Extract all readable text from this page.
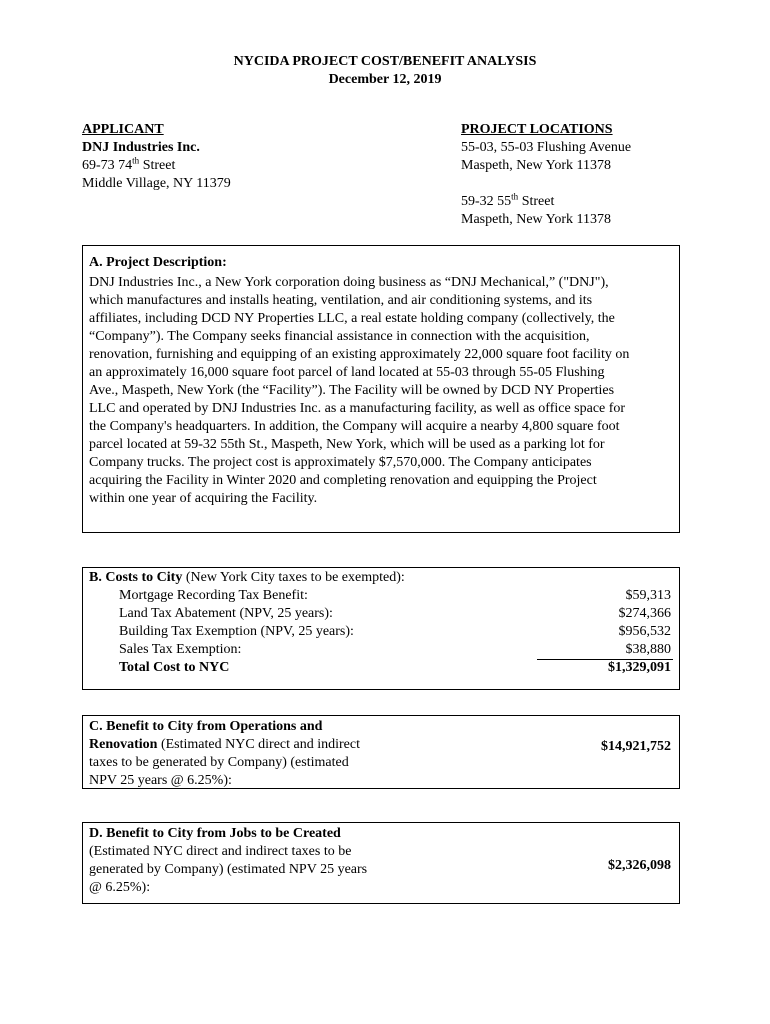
NYCIDA PROJECT COST/BENEFIT ANALYSIS
December 12, 2019
APPLICANT
DNJ Industries Inc.
69-73 74th Street
Middle Village, NY 11379
PROJECT LOCATIONS
55-03, 55-03 Flushing Avenue
Maspeth, New York 11378
59-32 55th Street
Maspeth, New York 11378
A. Project Description:
DNJ Industries Inc., a New York corporation doing business as “DNJ Mechanical,” ("DNJ"),
which manufactures and installs heating, ventilation, and air conditioning systems, and its
affiliates, including DCD NY Properties LLC, a real estate holding company (collectively, the
“Company”). The Company seeks financial assistance in connection with the acquisition,
renovation, furnishing and equipping of an existing approximately 22,000 square foot facility on
an approximately 16,000 square foot parcel of land located at 55-03 through 55-05 Flushing
Ave., Maspeth, New York (the “Facility”). The Facility will be owned by DCD NY Properties
LLC and operated by DNJ Industries Inc. as a manufacturing facility, as well as office space for
the Company's headquarters. In addition, the Company will acquire a nearby 4,800 square foot
parcel located at 59-32 55th St., Maspeth, New York, which will be used as a parking lot for
Company trucks. The project cost is approximately $7,570,000. The Company anticipates
acquiring the Facility in Winter 2020 and completing renovation and equipping the Project
within one year of acquiring the Facility.
B. Costs to City (New York City taxes to be exempted):
Mortgage Recording Tax Benefit:	$59,313
Land Tax Abatement (NPV, 25 years):	$274,366
Building Tax Exemption (NPV, 25 years):	$956,532
Sales Tax Exemption:	$38,880
Total Cost to NYC	$1,329,091
C. Benefit to City from Operations and
Renovation (Estimated NYC direct and indirect
taxes to be generated by Company) (estimated
NPV 25 years @ 6.25%):
$14,921,752
D. Benefit to City from Jobs to be Created
(Estimated NYC direct and indirect taxes to be
generated by Company) (estimated NPV 25 years
@ 6.25%):
$2,326,098
